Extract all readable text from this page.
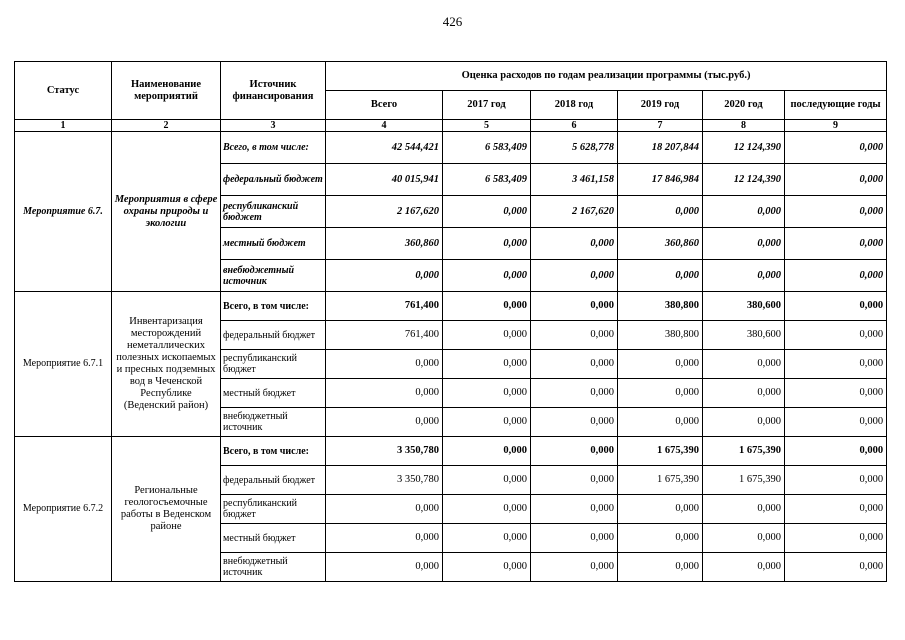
426
Статус	Наименование мероприятий	Источник финансирования	Оценка расходов по годам реализации программы (тыс.руб.)					
			Всего	2017 год	2018 год	2019 год	2020 год	последующие годы
1	2	3	4	5	6	7	8	9
Мероприятие 6.7.	Мероприятия в сфере охраны природы и экологии	Всего, в том числе:	42 544,421	6 583,409	5 628,778	18 207,844	12 124,390	0,000
		федеральный бюджет	40 015,941	6 583,409	3 461,158	17 846,984	12 124,390	0,000
		республиканский бюджет	2 167,620	0,000	2 167,620	0,000	0,000	0,000
		местный бюджет	360,860	0,000	0,000	360,860	0,000	0,000
		внебюджетный источник	0,000	0,000	0,000	0,000	0,000	0,000
Мероприятие 6.7.1	Инвентаризация месторождений неметаллических полезных ископаемых и пресных подземных вод в Чеченской Республике (Веденский район)	Всего, в том числе:	761,400	0,000	0,000	380,800	380,600	0,000
		федеральный бюджет	761,400	0,000	0,000	380,800	380,600	0,000
		республиканский бюджет	0,000	0,000	0,000	0,000	0,000	0,000
		местный бюджет	0,000	0,000	0,000	0,000	0,000	0,000
		внебюджетный источник	0,000	0,000	0,000	0,000	0,000	0,000
Мероприятие 6.7.2	Региональные геологосъемочные работы в Веденском районе	Всего, в том числе:	3 350,780	0,000	0,000	1 675,390	1 675,390	0,000
		федеральный бюджет	3 350,780	0,000	0,000	1 675,390	1 675,390	0,000
		республиканский бюджет	0,000	0,000	0,000	0,000	0,000	0,000
		местный бюджет	0,000	0,000	0,000	0,000	0,000	0,000
		внебюджетный источник	0,000	0,000	0,000	0,000	0,000	0,000
